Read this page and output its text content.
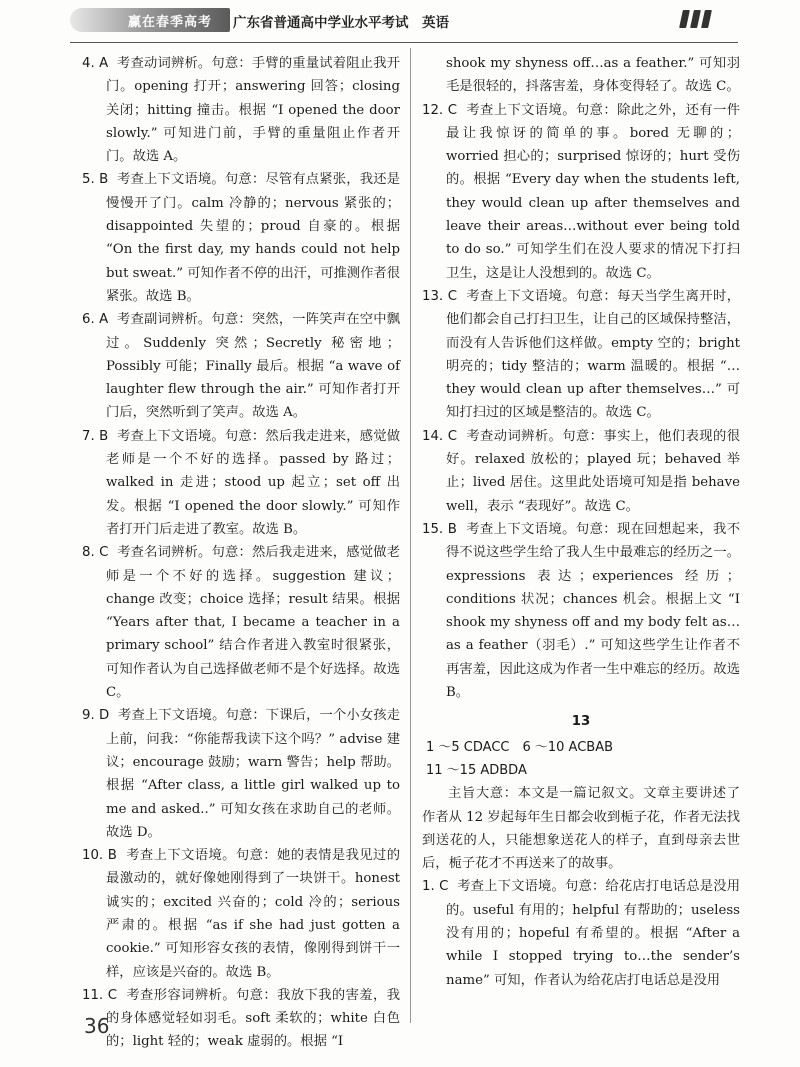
赢在春季高考 广东省普通高中学业水平考试　英语

4. A 考查动词辨析。句意：手臂的重量试着阻止我开门。opening 打开；answering 回答；closing 关闭；hitting 撞击。根据 “I opened the door slowly.” 可知进门前，手臂的重量阻止作者开门。故选 A。

5. B 考查上下文语境。句意：尽管有点紧张，我还是慢慢开了门。calm 冷静的；nervous 紧张的；disappointed 失望的；proud 自豪的。根据 “On the first day, my hands could not help but sweat.” 可知作者不停的出汗，可推测作者很紧张。故选 B。

6. A 考查副词辨析。句意：突然，一阵笑声在空中飘过。Suddenly 突然；Secretly 秘密地；Possibly 可能；Finally 最后。根据 “a wave of laughter flew through the air.” 可知作者打开门后，突然听到了笑声。故选 A。

7. B 考查上下文语境。句意：然后我走进来，感觉做老师是一个不好的选择。passed by 路过；walked in 走进；stood up 起立；set off 出发。根据 “I opened the door slowly.” 可知作者打开门后走进了教室。故选 B。

8. C 考查名词辨析。句意：然后我走进来，感觉做老师是一个不好的选择。suggestion 建议；change 改变；choice 选择；result 结果。根据 “Years after that, I became a teacher in a primary school” 结合作者进入教室时很紧张，可知作者认为自己选择做老师不是个好选择。故选 C。

9. D 考查上下文语境。句意：下课后，一个小女孩走上前，问我：“你能帮我读下这个吗？” advise 建议；encourage 鼓励；warn 警告；help 帮助。根据 “After class, a little girl walked up to me and asked..” 可知女孩在求助自己的老师。故选 D。

10. B 考查上下文语境。句意：她的表情是我见过的最激动的，就好像她刚得到了一块饼干。honest 诚实的；excited 兴奋的；cold 冷的；serious 严肃的。根据 “as if she had just gotten a cookie.” 可知形容女孩的表情，像刚得到饼干一样，应该是兴奋的。故选 B。

11. C 考查形容词辨析。句意：我放下我的害羞，我的身体感觉轻如羽毛。soft 柔软的；white 白色的；light 轻的；weak 虚弱的。根据 “I

shook my shyness off…as a feather.” 可知羽毛是很轻的，抖落害羞，身体变得轻了。故选 C。

12. C 考查上下文语境。句意：除此之外，还有一件最让我惊讶的简单的事。bored 无聊的；worried 担心的；surprised 惊讶的；hurt 受伤的。根据 “Every day when the students left, they would clean up after themselves and leave their areas…without ever being told to do so.” 可知学生们在没人要求的情况下打扫卫生，这是让人没想到的。故选 C。

13. C 考查上下文语境。句意：每天当学生离开时，他们都会自己打扫卫生，让自己的区域保持整洁，而没有人告诉他们这样做。empty 空的；bright 明亮的；tidy 整洁的；warm 温暖的。根据 “… they would clean up after themselves…” 可知打扫过的区域是整洁的。故选 C。

14. C 考查动词辨析。句意：事实上，他们表现的很好。relaxed 放松的；played 玩；behaved 举止；lived 居住。这里此处语境可知是指 behave well，表示 “表现好”。故选 C。

15. B 考查上下文语境。句意：现在回想起来，我不得不说这些学生给了我人生中最难忘的经历之一。expressions 表达；experiences 经历；conditions 状况；chances 机会。根据上文 “I shook my shyness off and my body felt as…as a feather（羽毛）.” 可知这些学生让作者不再害羞，因此这成为作者一生中难忘的经历。故选 B。

13

1 ～5 CDACC　6 ～10 ACBAB

11 ～15 ADBDA

主旨大意：本文是一篇记叙文。文章主要讲述了作者从 12 岁起每年生日都会收到栀子花，作者无法找到送花的人，只能想象送花人的样子，直到母亲去世后，栀子花才不再送来了的故事。

1. C 考查上下文语境。句意：给花店打电话总是没用的。useful 有用的；helpful 有帮助的；useless 没有用的；hopeful 有希望的。根据 “After a while I stopped trying to…the sender’s name” 可知，作者认为给花店打电话总是没用

36
